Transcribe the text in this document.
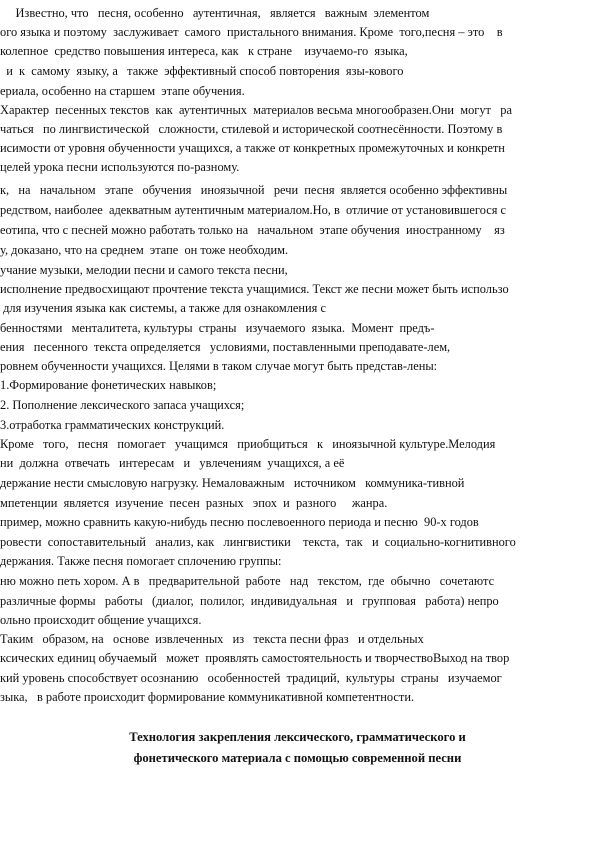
Известно, что   песня, особенно   аутентичная,   является   важным  элементом
ого языка и поэтому  заслуживает  самого  пристального внимания. Кроме  того,песня – это    в
колепное  средство повышения интереса, как   к стране    изучаемо-го  языка,
и  к  самому  языку, а   также  эффективный способ повторения  язы-кового
ериала, особенно на старшем  этапе обучения.
Характер  песенных текстов  как  аутентичных  материалов весьма многообразен.Они  могут   ра
чаться   по лингвистической   сложности, стилевой и исторической соотнесённости. Поэтому в
исимости от уровня обученности учащихся, а также от конкретных промежуточных и конкретн
целей урока песни используются по-разному.
к,   на   начальном   этапе   обучения   иноязычной   речи  песня  является особенно эффективны
редством, наиболее  адекватным аутентичным материалом.Но, в  отличие от установившегося с
еотипа, что с песней можно работать только на   начальном  этапе обучения  иностранному    яз
у, доказано, что на среднем  этапе  он тоже необходим.
учание музыки, мелодии песни и самого текста песни,
исполнение предвосхищают прочтение текста учащимися. Текст же песни может быть использо
для изучения языка как системы, а также для ознакомления с
бенностями   менталитета, культуры  страны   изучаемого  языка.  Момент  предъ-
ения   песенного  текста определяется   условиями, поставленными преподавате-лем,
ровнем обученности учащихся. Целями в таком случае могут быть представ-лены:
1.Формирование фонетических навыков;
2. Пополнение лексического запаса учащихся;
3.отработка грамматических конструкций.
Кроме   того,   песня   помогает   учащимся   приобщиться   к   иноязычной культуре.Мелодия
ни  должна  отвечать   интересам   и   увлечениям  учащихся, а её
держание нести смысловую нагрузку. Немаловажным   источником   коммуника-тивной
мпетенции  является  изучение  песен  разных   эпох  и  разного     жанра.
пример, можно сравнить какую-нибудь песню послевоенного периода и песню  90-х годов
ровести  сопоставительный   анализ, как   лингвистики    текста,  так   и  социально-когнитивного
держания. Также песня помогает сплочению группы:
ню можно петь хором. А в   предварительной  работе   над   текстом,  где  обычно   сочетаютс
различные формы   работы   (диалог,  полилог,  индивидуальная   и   групповая   работа) непро
ольно происходит общение учащихся.
Таким   образом, на   основе  извлеченных   из   текста песни фраз   и отдельных
ксических единиц обучаемый   может  проявлять самостоятельность и творчествоВыход на твор
кий уровень способствует осознанию   особенностей  традиций,  культуры  страны   изучаемог
зыка,   в работе происходит формирование коммуникативной компетентности.
Технология закрепления лексического, грамматического и
фонетического материала с помощью современной песни
